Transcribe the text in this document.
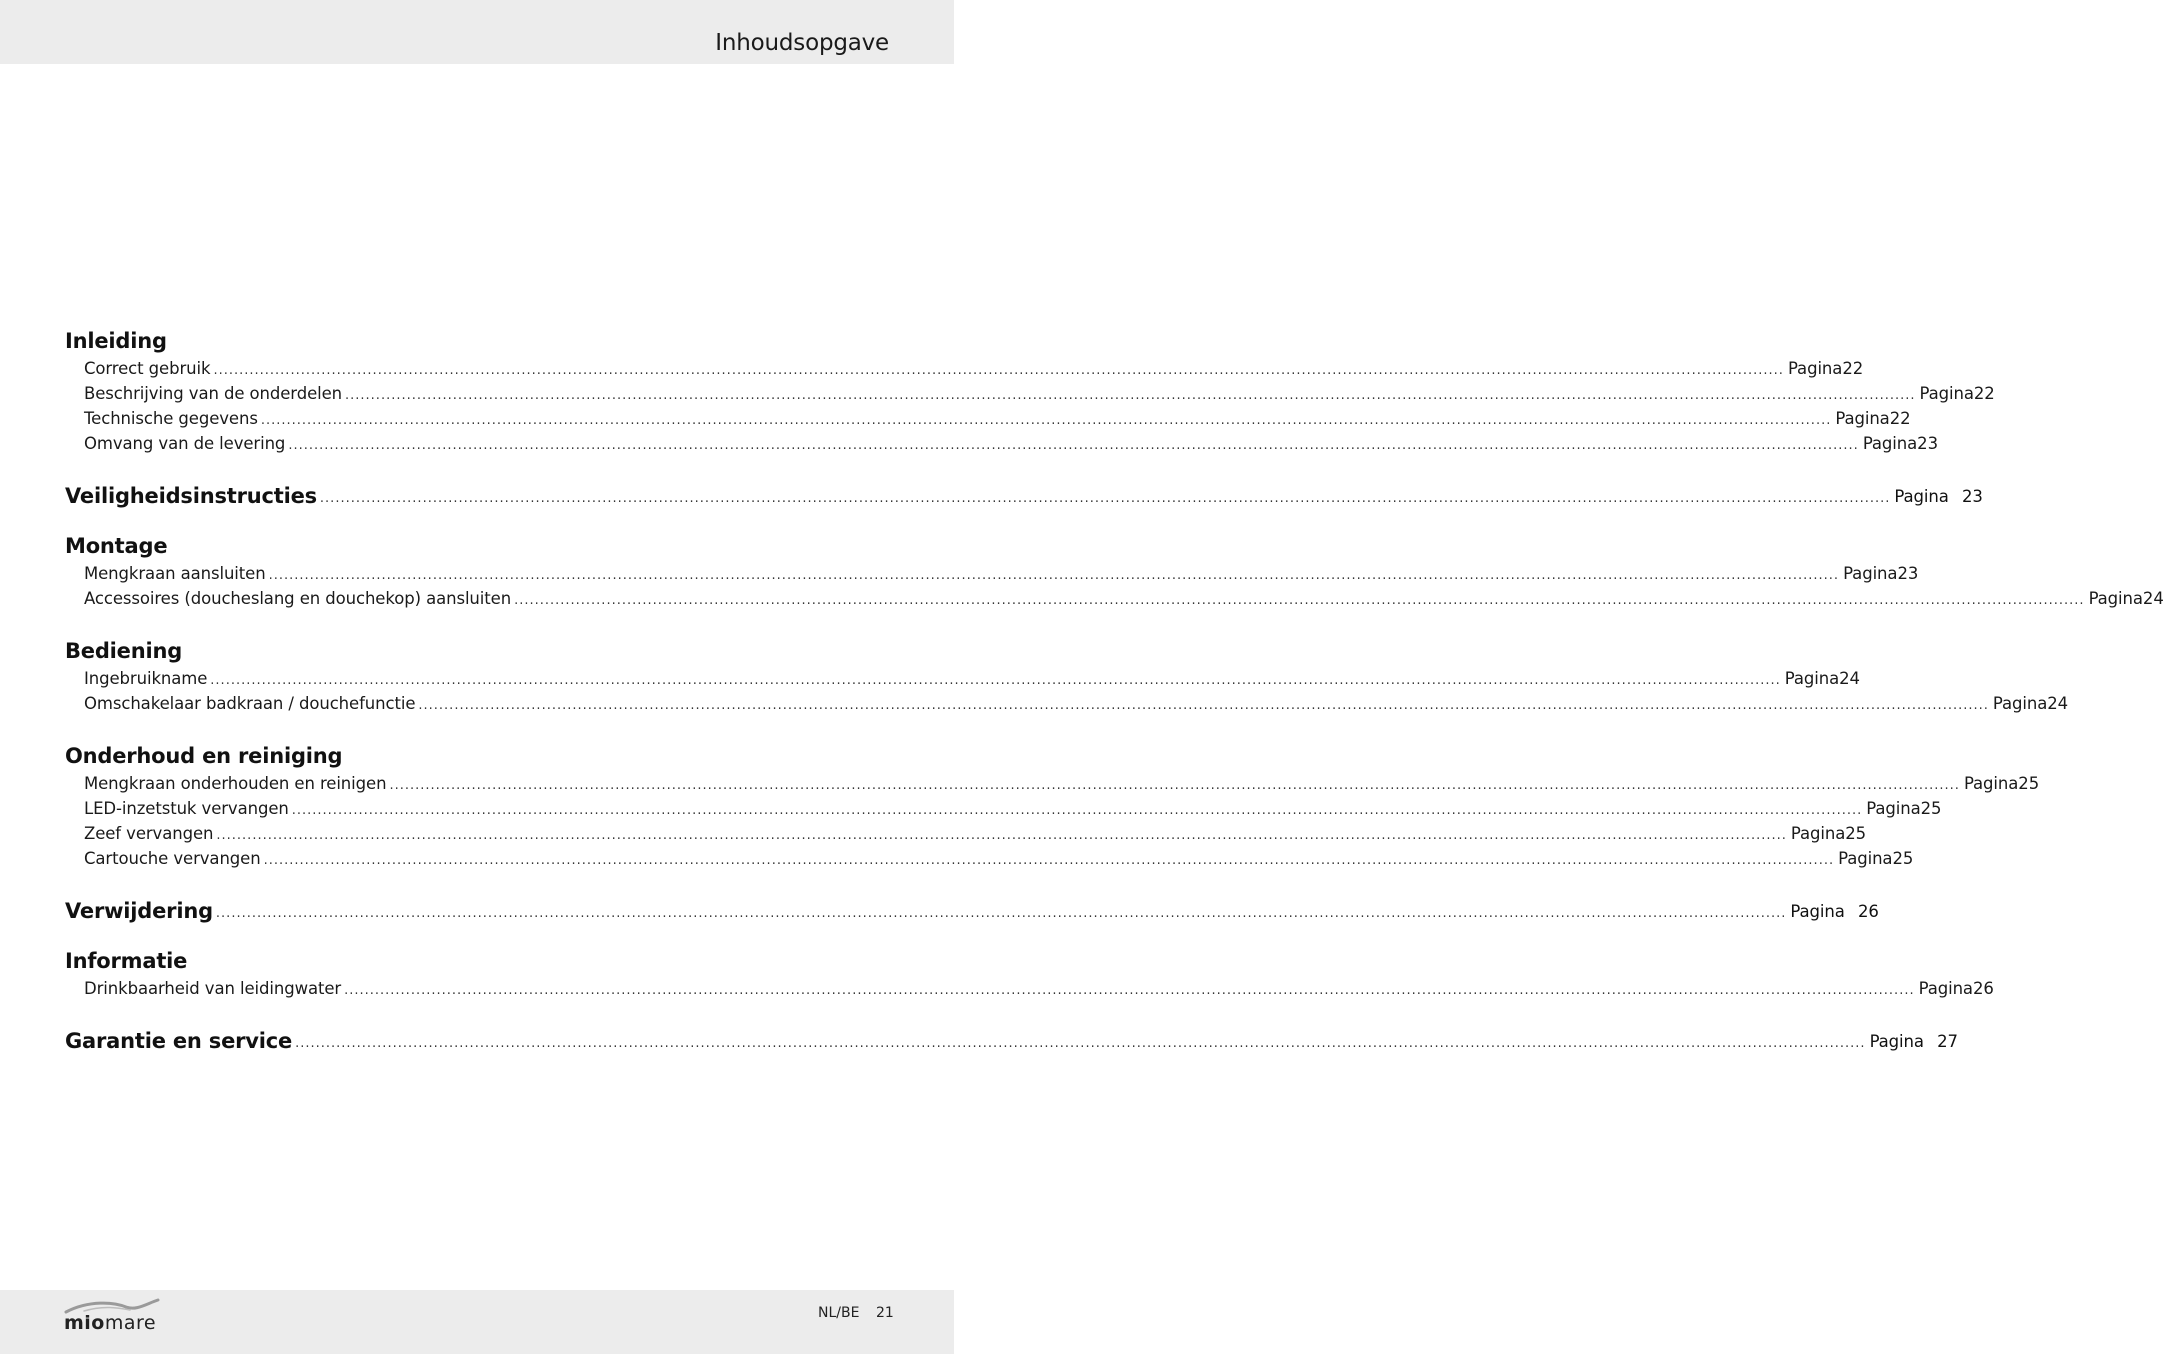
Inhoudsopgave
Inleiding
Correct gebruik .....	Pagina 22
Beschrijving van de onderdelen .....	Pagina 22
Technische gegevens .....	Pagina 22
Omvang van de levering .....	Pagina 23
Veiligheidsinstructies .....	Pagina 23
Montage
Mengkraan aansluiten .....	Pagina 23
Accessoires (doucheslang en douchekop) aansluiten .....	Pagina 24
Bediening
Ingebruikname .....	Pagina 24
Omschakelaar badkraan / douchefunctie .....	Pagina 24
Onderhoud en reiniging
Mengkraan onderhouden en reinigen .....	Pagina 25
LED-inzetstuk vervangen .....	Pagina 25
Zeef vervangen .....	Pagina 25
Cartouche vervangen .....	Pagina 25
Verwijdering .....	Pagina 26
Informatie
Drinkbaarheid van leidingwater .....	Pagina 26
Garantie en service .....	Pagina 27
miomare	NL/BE 21
